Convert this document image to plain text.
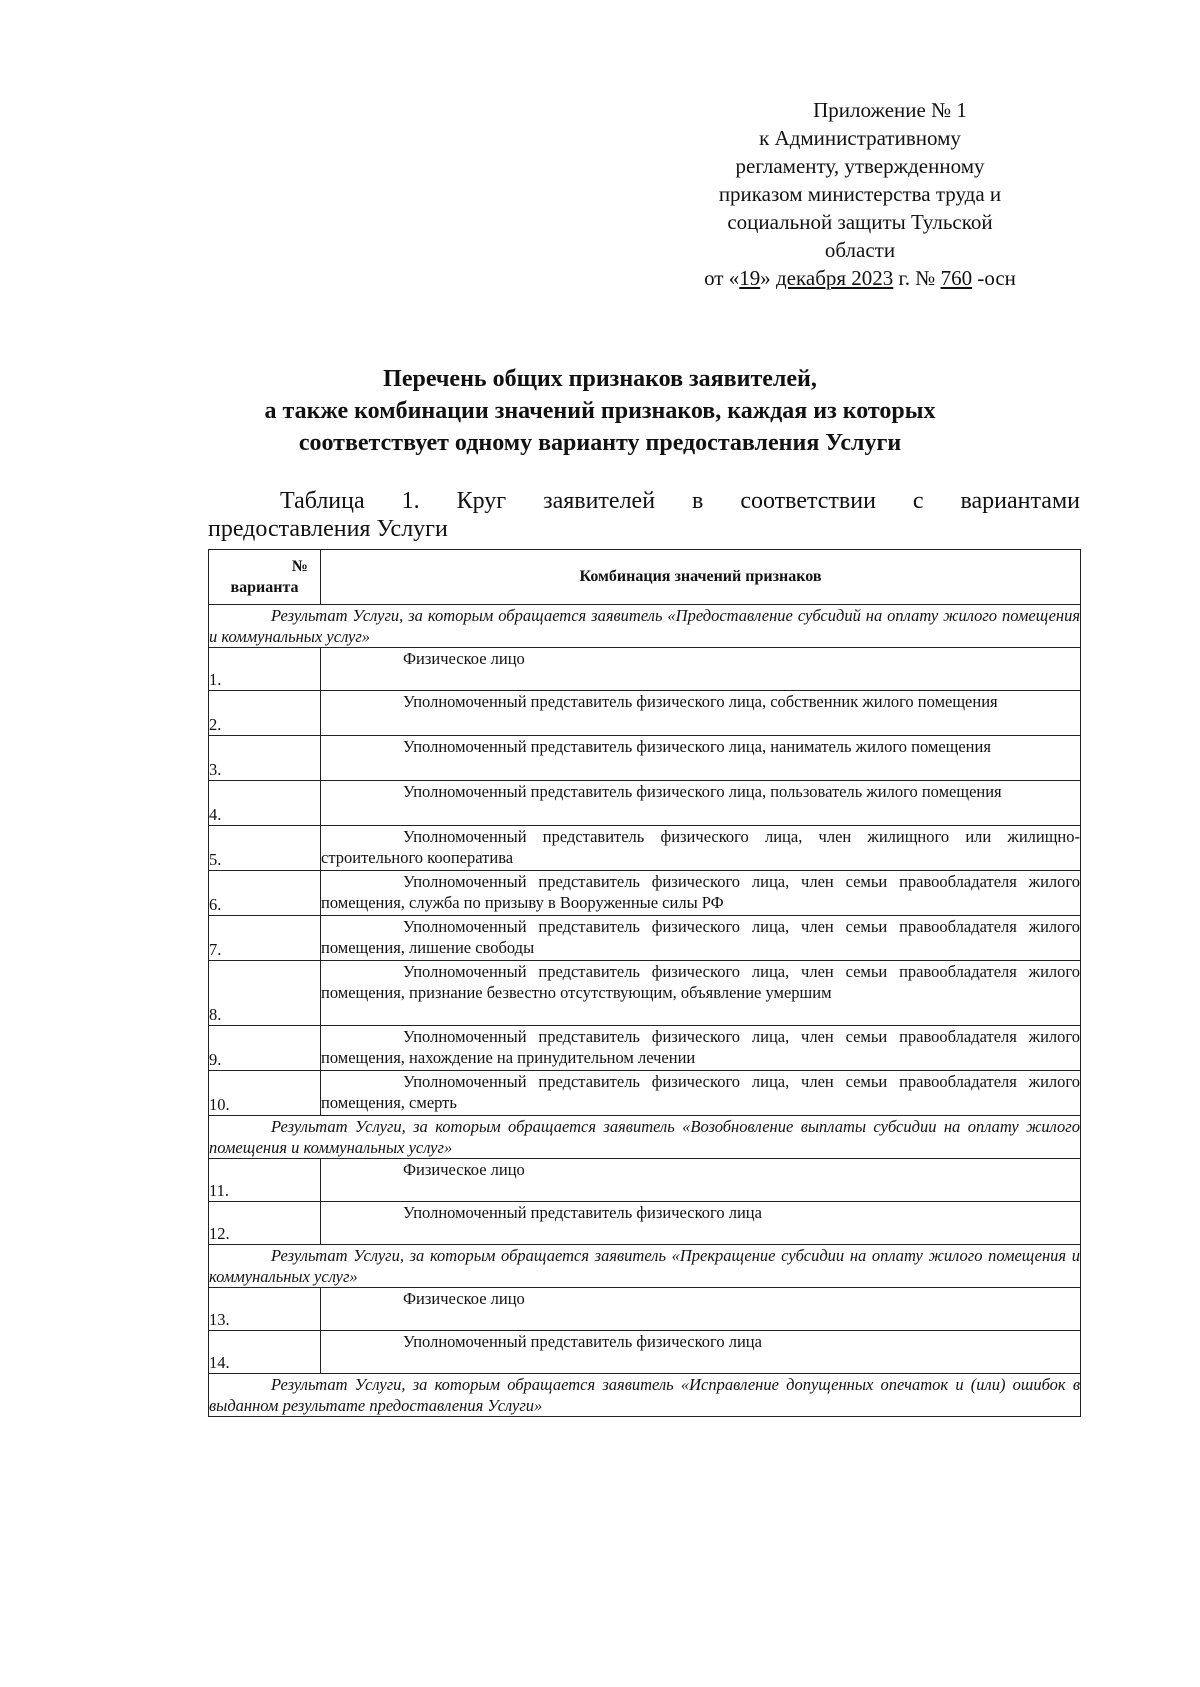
Приложение № 1
к Административному
регламенту, утвержденному
приказом министерства труда и
социальной защиты Тульской
области
от «19» декабря 2023 г. № 760 -осн
Перечень общих признаков заявителей,
а также комбинации значений признаков, каждая из которых
соответствует одному варианту предоставления Услуги
Таблица 1. Круг заявителей в соответствии с вариантами
предоставления Услуги
№
варианта	Комбинация значений признаков
Результат Услуги, за которым обращается заявитель «Предоставление субсидий на оплату жилого помещения и коммунальных услуг»	
1.	Физическое лицо
2.	Уполномоченный представитель физического лица, собственник жилого помещения
3.	Уполномоченный представитель физического лица, наниматель жилого помещения
4.	Уполномоченный представитель физического лица, пользователь жилого помещения
5.	Уполномоченный представитель физического лица, член жилищного или жилищно-строительного кооператива
6.	Уполномоченный представитель физического лица, член семьи правообладателя жилого помещения, служба по призыву в Вооруженные силы РФ
7.	Уполномоченный представитель физического лица, член семьи правообладателя жилого помещения, лишение свободы
8.	Уполномоченный представитель физического лица, член семьи правообладателя жилого помещения, признание безвестно отсутствующим, объявление умершим
9.	Уполномоченный представитель физического лица, член семьи правообладателя жилого помещения, нахождение на принудительном лечении
10.	Уполномоченный представитель физического лица, член семьи правообладателя жилого помещения, смерть
Результат Услуги, за которым обращается заявитель «Возобновление выплаты субсидии на оплату жилого помещения и коммунальных услуг»	
11.	Физическое лицо
12.	Уполномоченный представитель физического лица
Результат Услуги, за которым обращается заявитель «Прекращение субсидии на оплату жилого помещения и коммунальных услуг»	
13.	Физическое лицо
14.	Уполномоченный представитель физического лица
Результат Услуги, за которым обращается заявитель «Исправление допущенных опечаток и (или) ошибок в выданном результате предоставления Услуги»	
